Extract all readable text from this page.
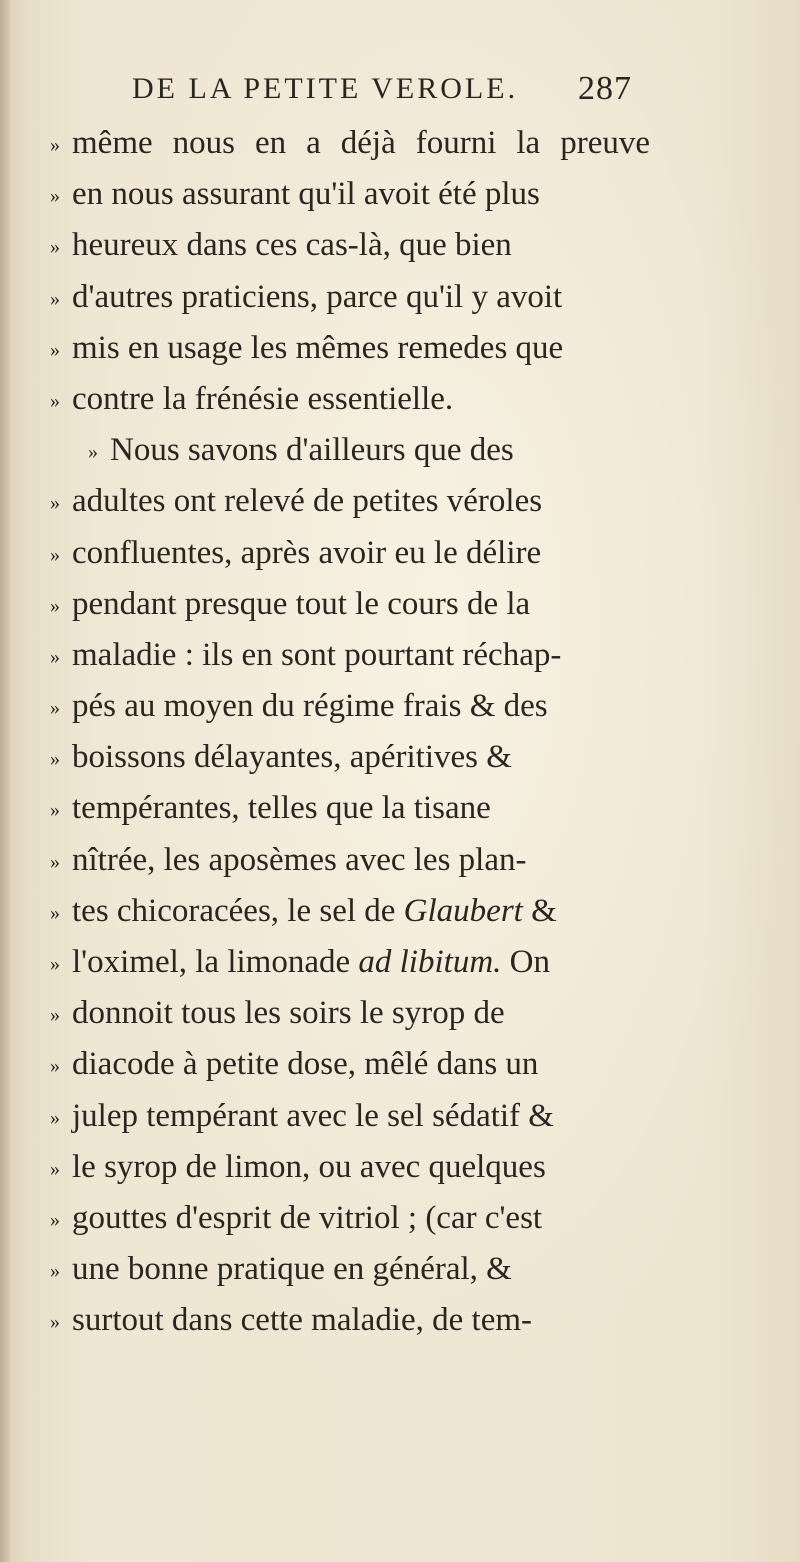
DE LA PETITE VEROLE. 287
» même nous en a déjà fourni la preuve
» en nous assurant qu'il avoit été plus
» heureux dans ces cas-là, que bien
» d'autres praticiens, parce qu'il y avoit
» mis en usage les mêmes remedes que
» contre la frénésie essentielle.
» Nous savons d'ailleurs que des
» adultes ont relevé de petites véroles
» confluentes, après avoir eu le délire
» pendant presque tout le cours de la
» maladie : ils en sont pourtant réchap-
» pés au moyen du régime frais & des
» boissons délayantes, apéritives &
» tempérantes, telles que la tisane
» nîtrée, les aposèmes avec les plan-
» tes chicoracées, le sel de Glaubert &
» l'oximel, la limonade ad libitum. On
» donnoit tous les soirs le syrop de
» diacode à petite dose, mêlé dans un
» julep tempérant avec le sel sédatif &
» le syrop de limon, ou avec quelques
» gouttes d'esprit de vitriol ; (car c'est
» une bonne pratique en général, &
» surtout dans cette maladie, de tem-
